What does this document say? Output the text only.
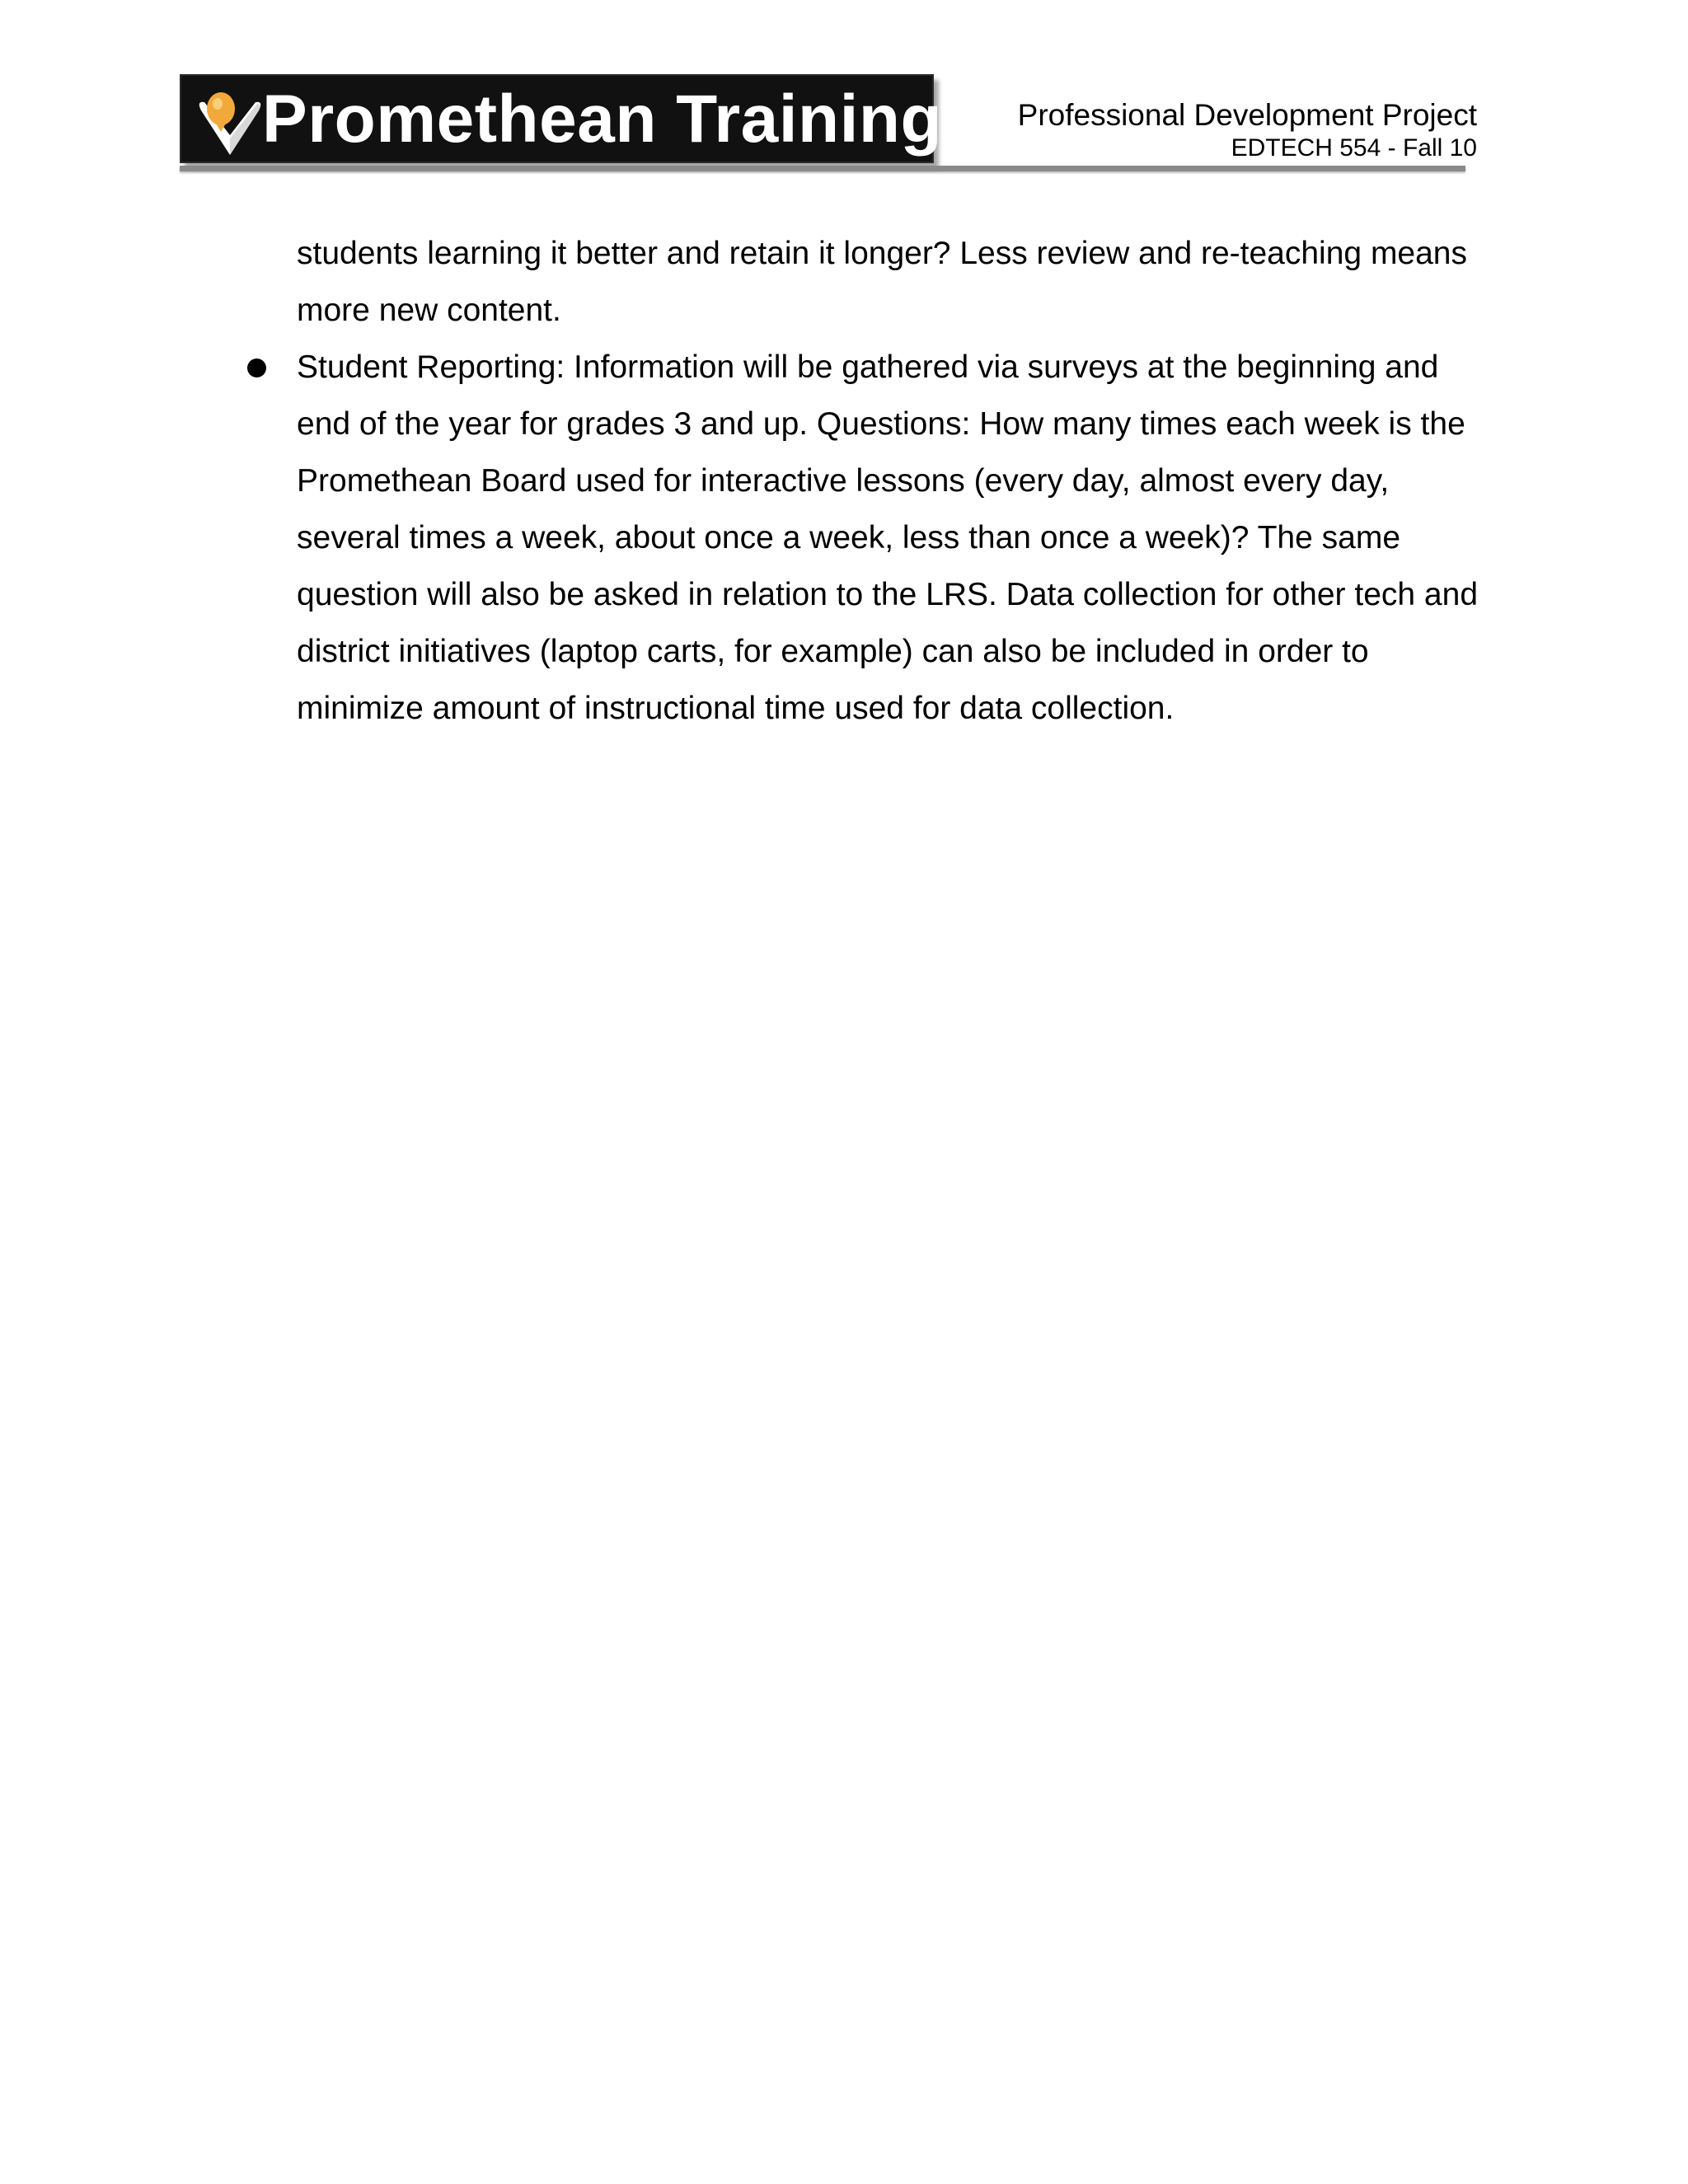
Promethean Training Professional Development Project
EDTECH 554 - Fall 10

students learning it better and retain it longer? Less review and re-teaching means more new content.

Student Reporting: Information will be gathered via surveys at the beginning and end of the year for grades 3 and up. Questions: How many times each week is the Promethean Board used for interactive lessons (every day, almost every day, several times a week, about once a week, less than once a week)? The same question will also be asked in relation to the LRS. Data collection for other tech and district initiatives (laptop carts, for example) can also be included in order to minimize amount of instructional time used for data collection.
